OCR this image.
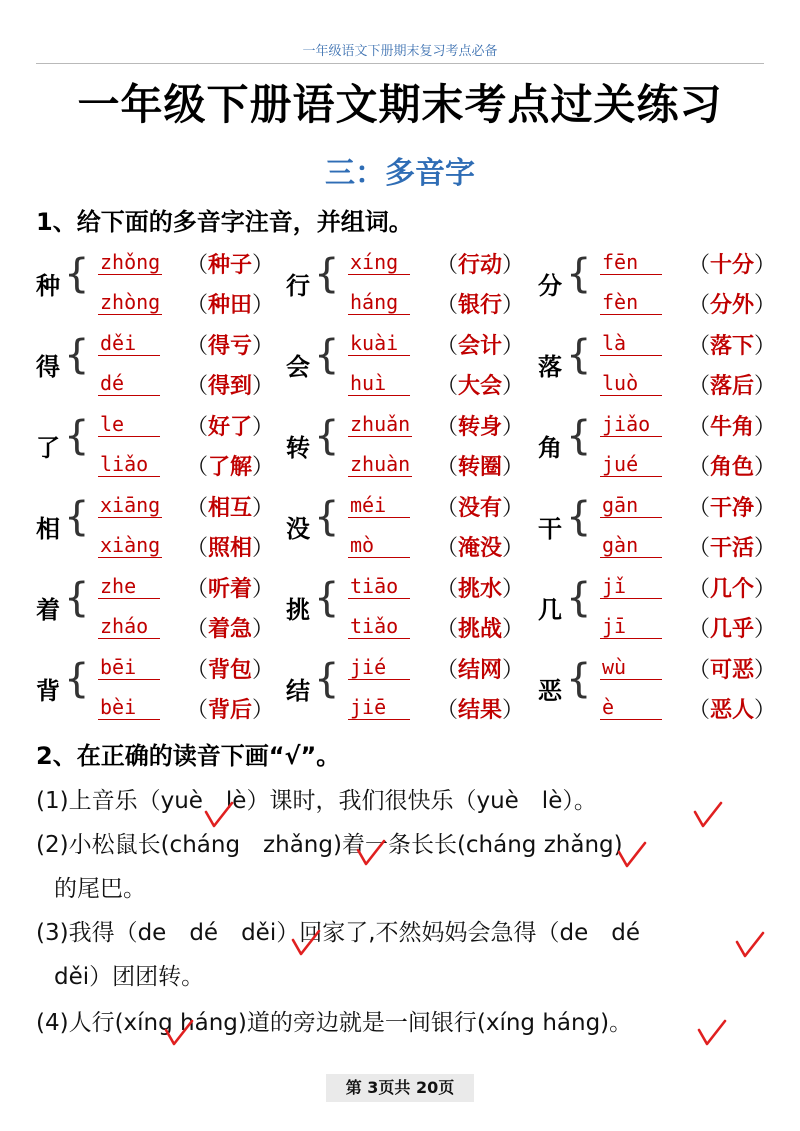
一年级语文下册期末复习考点必备
一年级下册语文期末考点过关练习
三：多音字
1、给下面的多音字注音，并组词。
种 { zhǒng （种子）
zhòng （种田）
行 { xíng	（行动）
háng	（银行）
分 { fēn	（十分）
fèn	（分外）
得 { děi	（得亏）
dé	（得到）
会 { kuài	（会计）
huì	（大会）
落 { là	（落下）
luò	（落后）
了 { le	（好了）
liǎo	（了解）
转 { zhuǎn （转身）
zhuàn （转圈）
角 { jiǎo	（牛角）
jué	（角色）
相 { xiāng （相互）
xiàng （照相）
没 { méi	（没有）
mò	（淹没）
干 { gān	（干净）
gàn	（干活）
着 { zhe	（听着）
zháo	（着急）
挑 { tiāo	（挑水）
tiǎo	（挑战）
几 { jǐ	（几个）
jī	（几乎）
背 { bēi	（背包）
bèi	（背后）
结 { jié	（结网）
jiē	（结果）
恶 { wù	（可恶）
è	（恶人）
2、在正确的读音下画“√”。
(1)上音乐（yuè　lè）课时，我们很快乐（yuè　lè）。
(2)小松鼠长(cháng　zhǎng)着一条长长(cháng zhǎng)
的尾巴。
(3)我得（de　dé　děi）回家了,不然妈妈会急得（de　dé
děi）团团转。
(4)人行(xíng háng)道的旁边就是一间银行(xíng háng)。
第 3页共 20页
